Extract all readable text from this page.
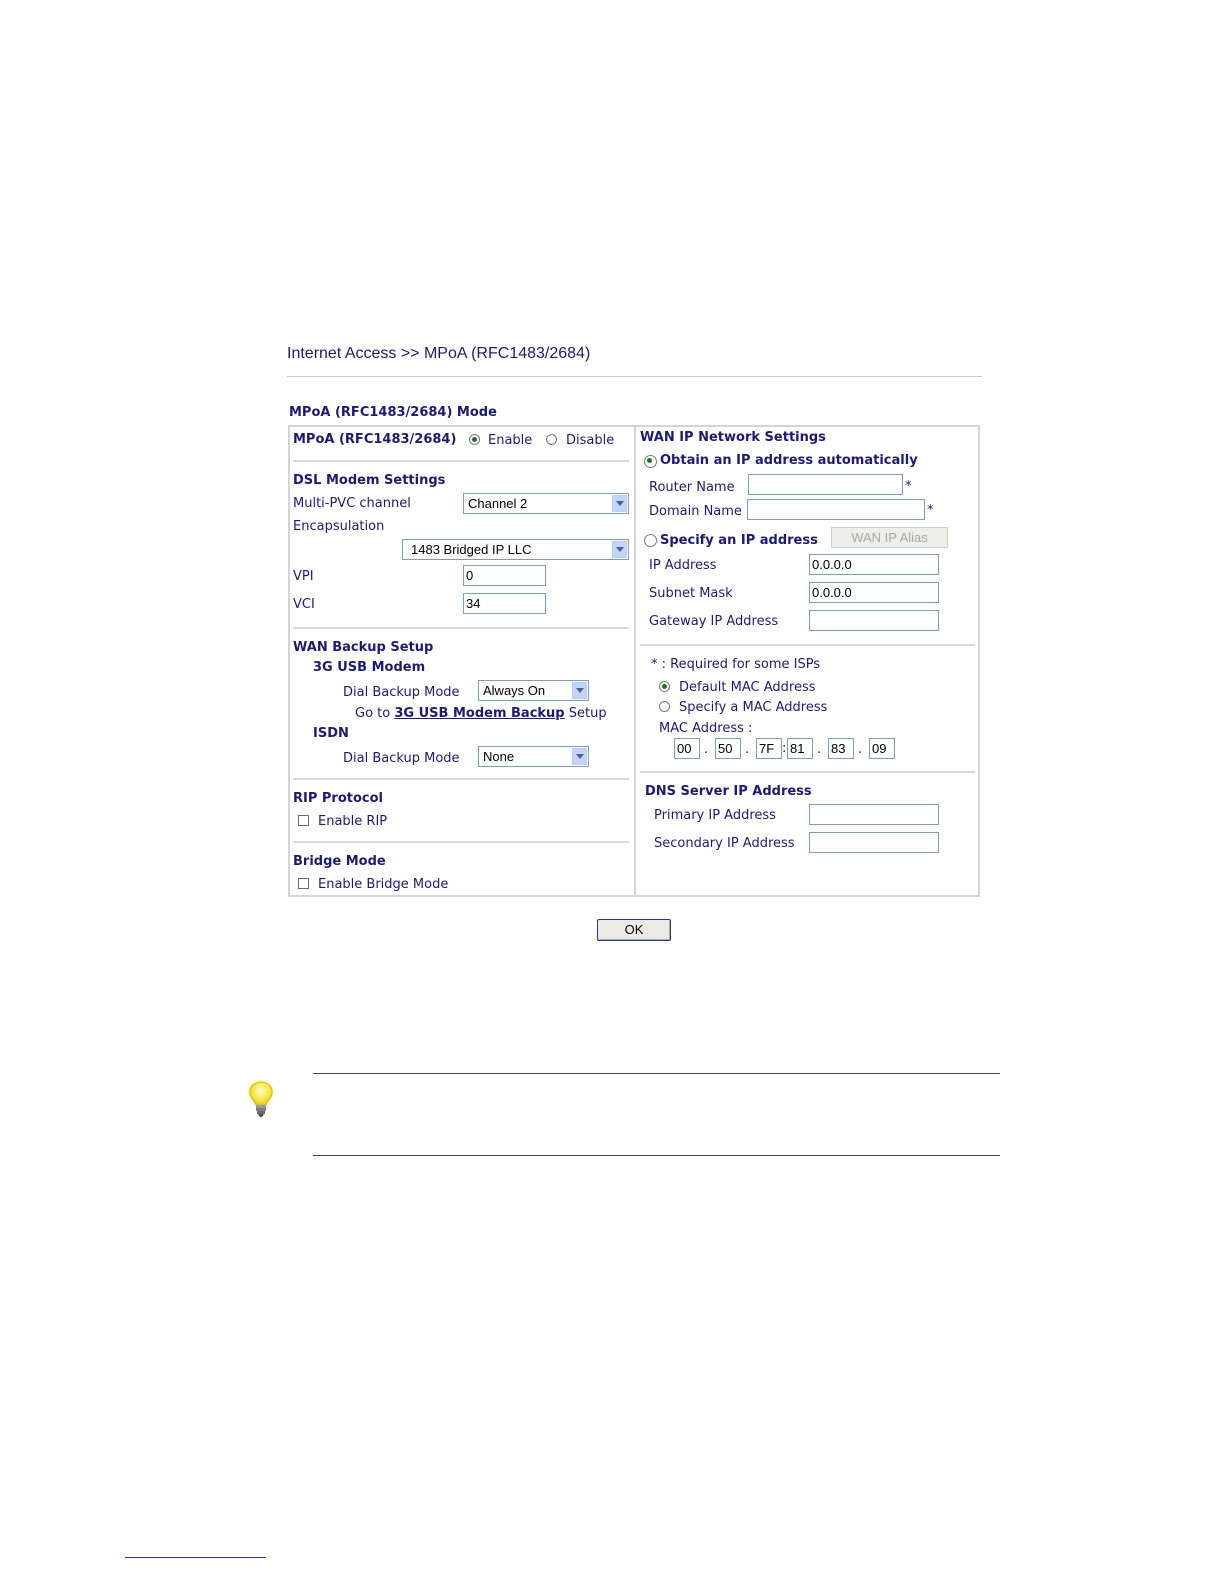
Internet Access >> MPoA (RFC1483/2684)
MPoA (RFC1483/2684) Mode
MPoA (RFC1483/2684) Enable	Disable
DSL Modem Settings
Multi-PVC channel	Channel 2
Encapsulation
1483 Bridged IP LLC
VPI	0
VCI	34
WAN Backup Setup
3G USB Modem
Dial Backup Mode Always On
Go to 3G USB Modem Backup Setup
ISDN
Dial Backup Mode None
RIP Protocol
Enable RIP
Bridge Mode
Enable Bridge Mode
WAN IP Network Settings
Obtain an IP address automatically
Router Name	*
Domain Name	*
Specify an IP address	WAN IP Alias
IP Address	0.0.0.0
Subnet Mask	0.0.0.0
Gateway IP Address
* : Required for some ISPs
Default MAC Address
Specify a MAC Address
MAC Address :
00 . 50 . 7F : 81 . 83 . 09
DNS Server IP Address
Primary IP Address
Secondary IP Address
OK
